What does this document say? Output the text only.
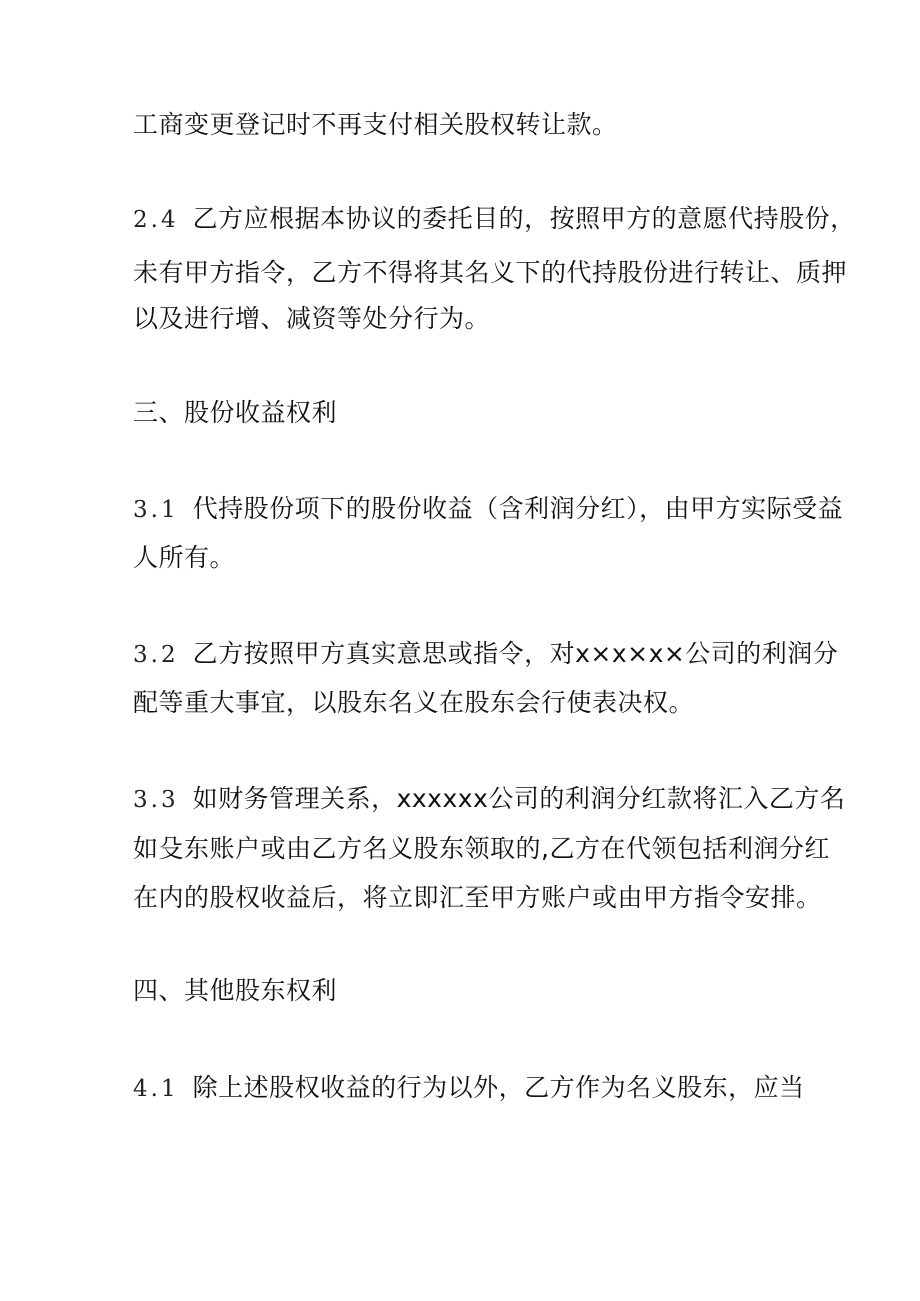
工商变更登记时不再支付相关股权转让款。
2.4 乙方应根据本协议的委托目的，按照甲方的意愿代持股份，
未有甲方指令，乙方不得将其名义下的代持股份进行转让、质押
以及进行增、减资等处分行为。
三、股份收益权利
3.1 代持股份项下的股份收益（含利润分红），由甲方实际受益
人所有。
3.2 乙方按照甲方真实意思或指令，对x×x×x×公司的利润分
配等重大事宜，以股东名义在股东会行使表决权。
3.3 如财务管理关系，xxxxxx公司的利润分红款将汇入乙方名
如殳东账户或由乙方名义股东领取的,乙方在代领包括利润分红
在内的股权收益后，将立即汇至甲方账户或由甲方指令安排。
四、其他股东权利
4.1 除上述股权收益的行为以外，乙方作为名义股东，应当
